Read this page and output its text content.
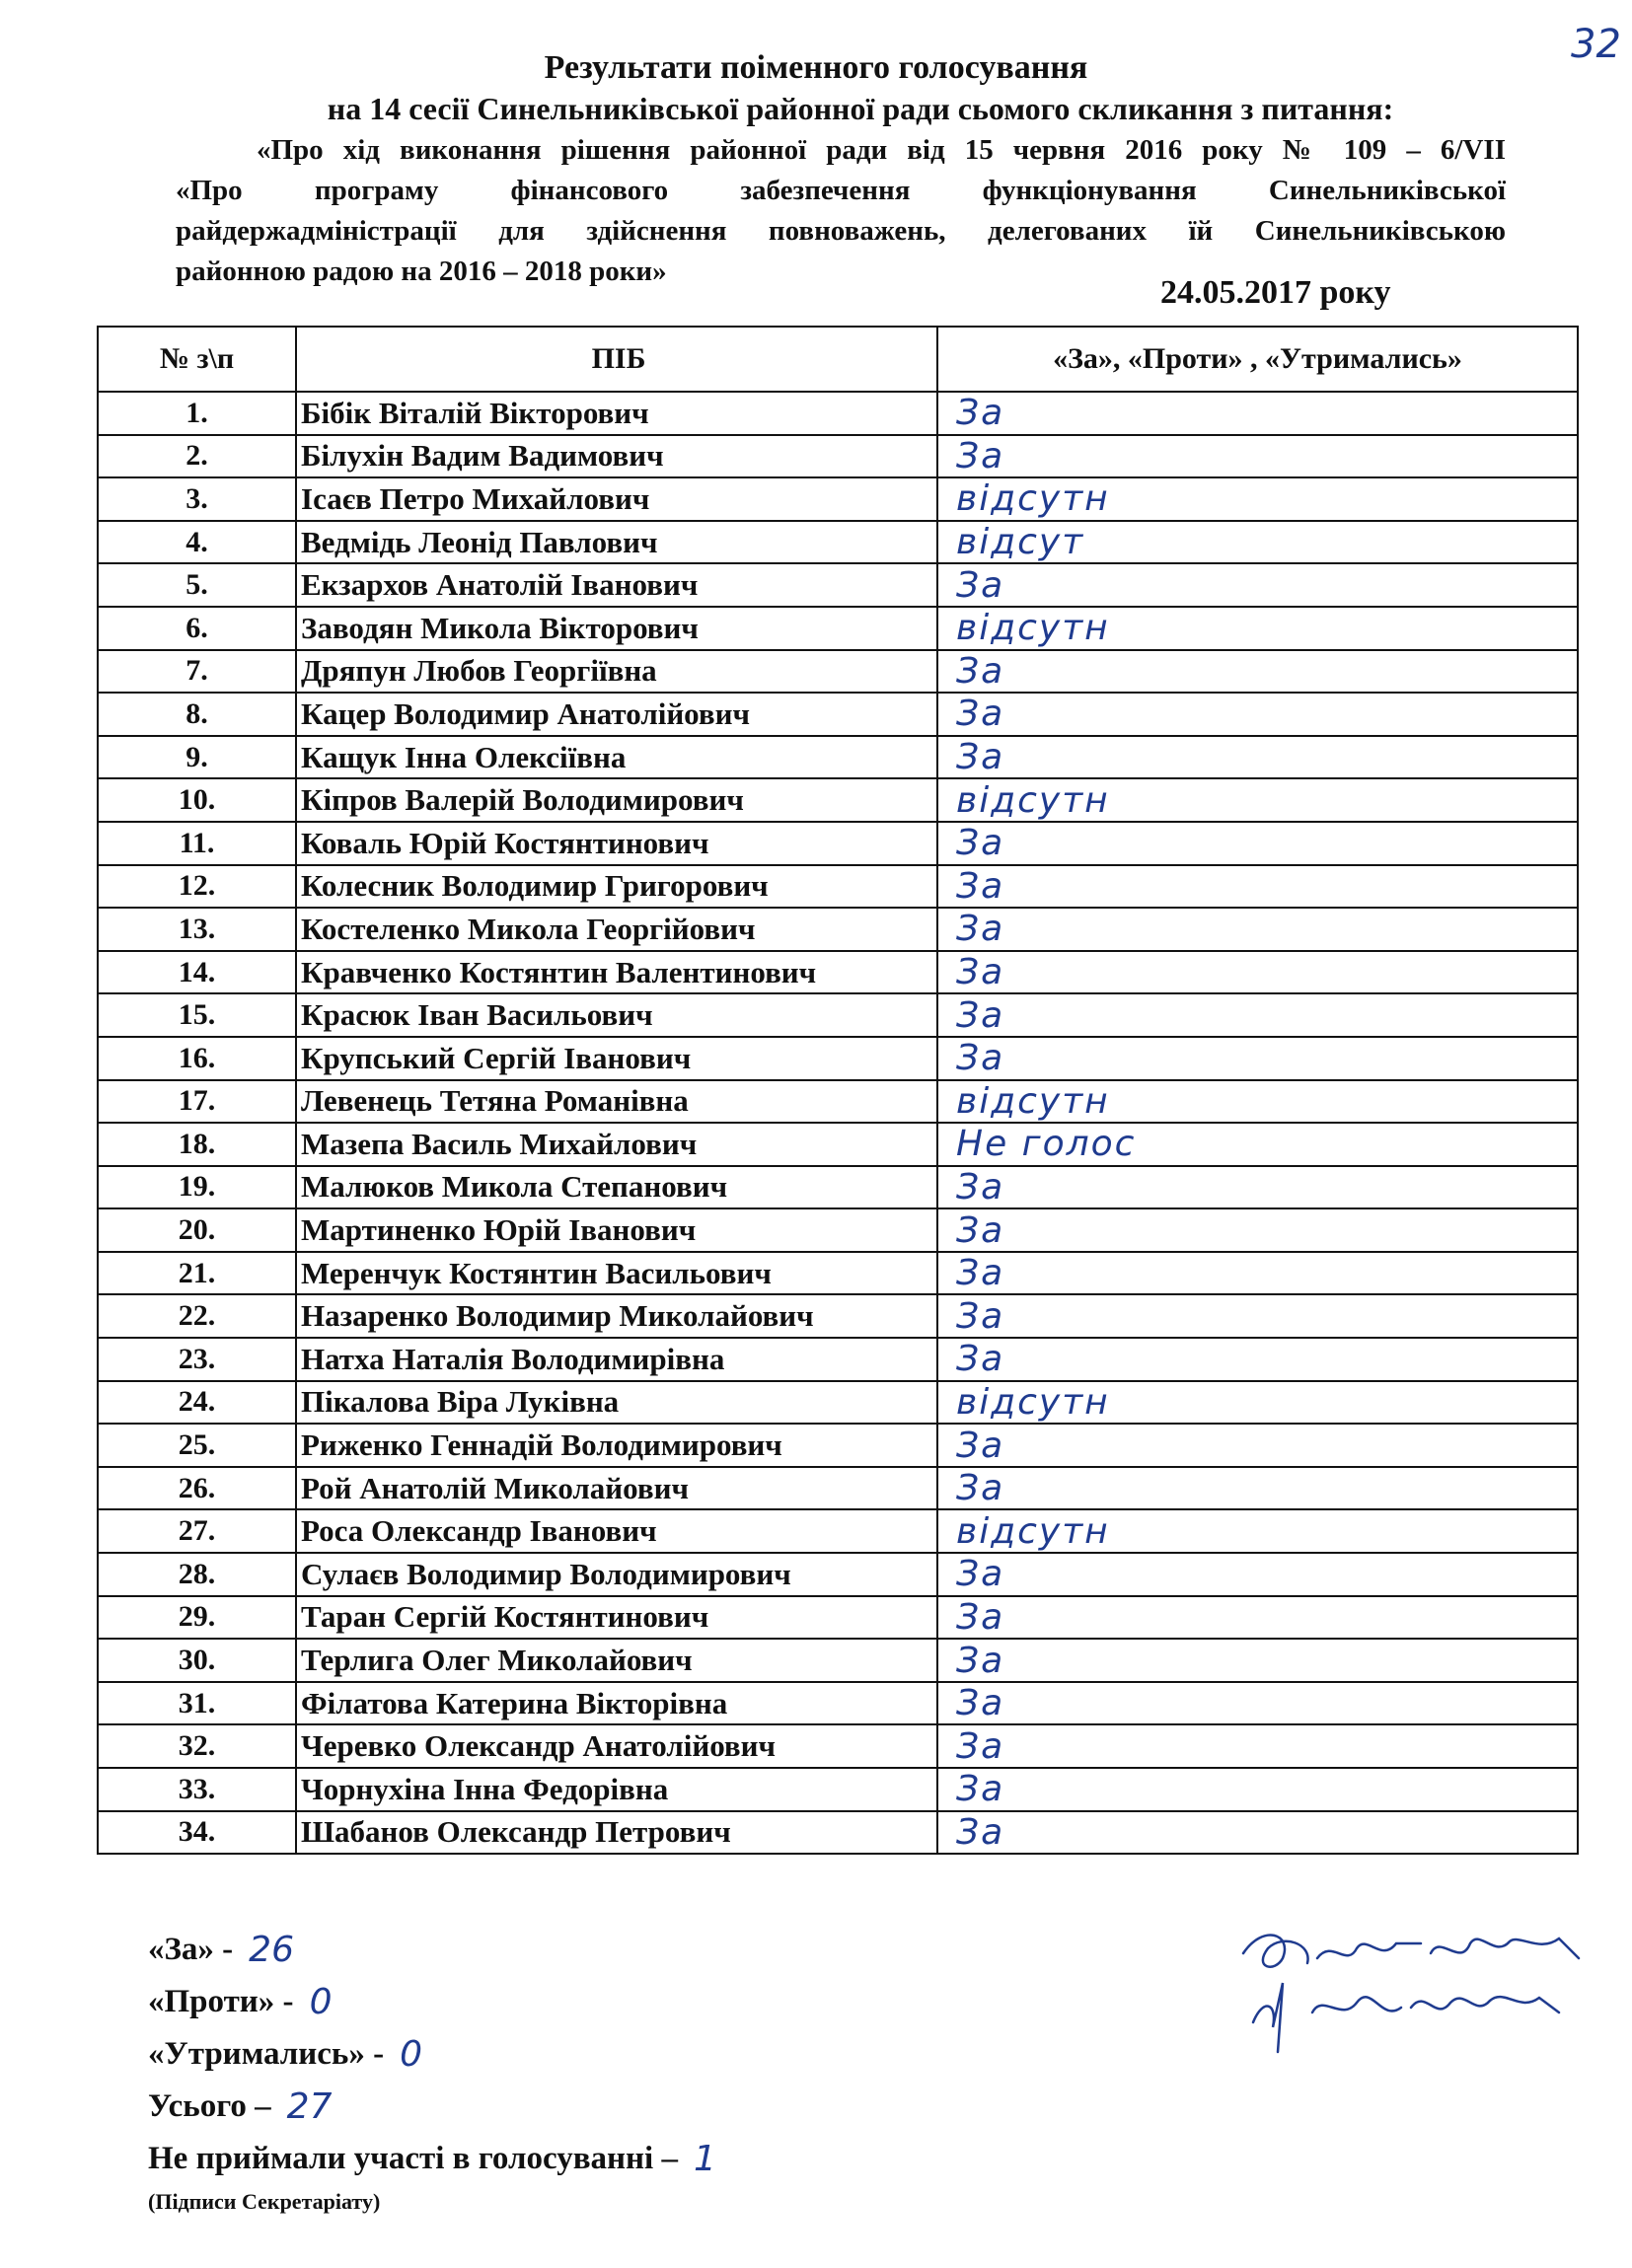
32
Результати поіменного голосування
на 14 сесії Синельниківської районної ради сьомого скликання з питання:
«Про хід виконання рішення районної ради від 15 червня 2016 року № 109 – 6/VII
«Про програму фінансового забезпечення функціонування Синельниківської
райдержадміністрації для здійснення повноважень, делегованих їй Синельниківською
районною радою на 2016 – 2018 роки»
24.05.2017 року
№ з\п	ПІБ	«За», «Проти» , «Утримались»
1.	Бібік Віталій Вікторович	За
2.	Білухін Вадим Вадимович	За
3.	Ісаєв Петро Михайлович	відсутн
4.	Ведмідь Леонід Павлович	відсут
5.	Екзархов Анатолій Іванович	За
6.	Заводян Микола Вікторович	відсутн
7.	Дряпун Любов Георгіївна	За
8.	Кацер Володимир Анатолійович	За
9.	Кащук Інна Олексіївна	За
10.	Кіпров Валерій Володимирович	відсутн
11.	Коваль Юрій Костянтинович	За
12.	Колесник Володимир Григорович	За
13.	Костеленко Микола Георгійович	За
14.	Кравченко Костянтин Валентинович	За
15.	Красюк Іван Васильович	За
16.	Крупський Сергій Іванович	За
17.	Левенець Тетяна Романівна	відсутн
18.	Мазепа Василь Михайлович	Не голос
19.	Малюков Микола Степанович	За
20.	Мартиненко Юрій Іванович	За
21.	Меренчук Костянтин Васильович	За
22.	Назаренко Володимир Миколайович	За
23.	Натха Наталія Володимирівна	За
24.	Пікалова Віра Луківна	відсутн
25.	Риженко Геннадій Володимирович	За
26.	Рой Анатолій Миколайович	За
27.	Роса Олександр Іванович	відсутн
28.	Сулаєв Володимир Володимирович	За
29.	Таран Сергій Костянтинович	За
30.	Терлига Олег Миколайович	За
31.	Філатова Катерина Вікторівна	За
32.	Черевко Олександр Анатолійович	За
33.	Чорнухіна Інна Федорівна	За
34.	Шабанов Олександр Петрович	За
«За» - 26
«Проти» - 0
«Утримались» - 0
Усього – 27
Не приймали участі в голосуванні – 1
(Підписи Секретаріату)
